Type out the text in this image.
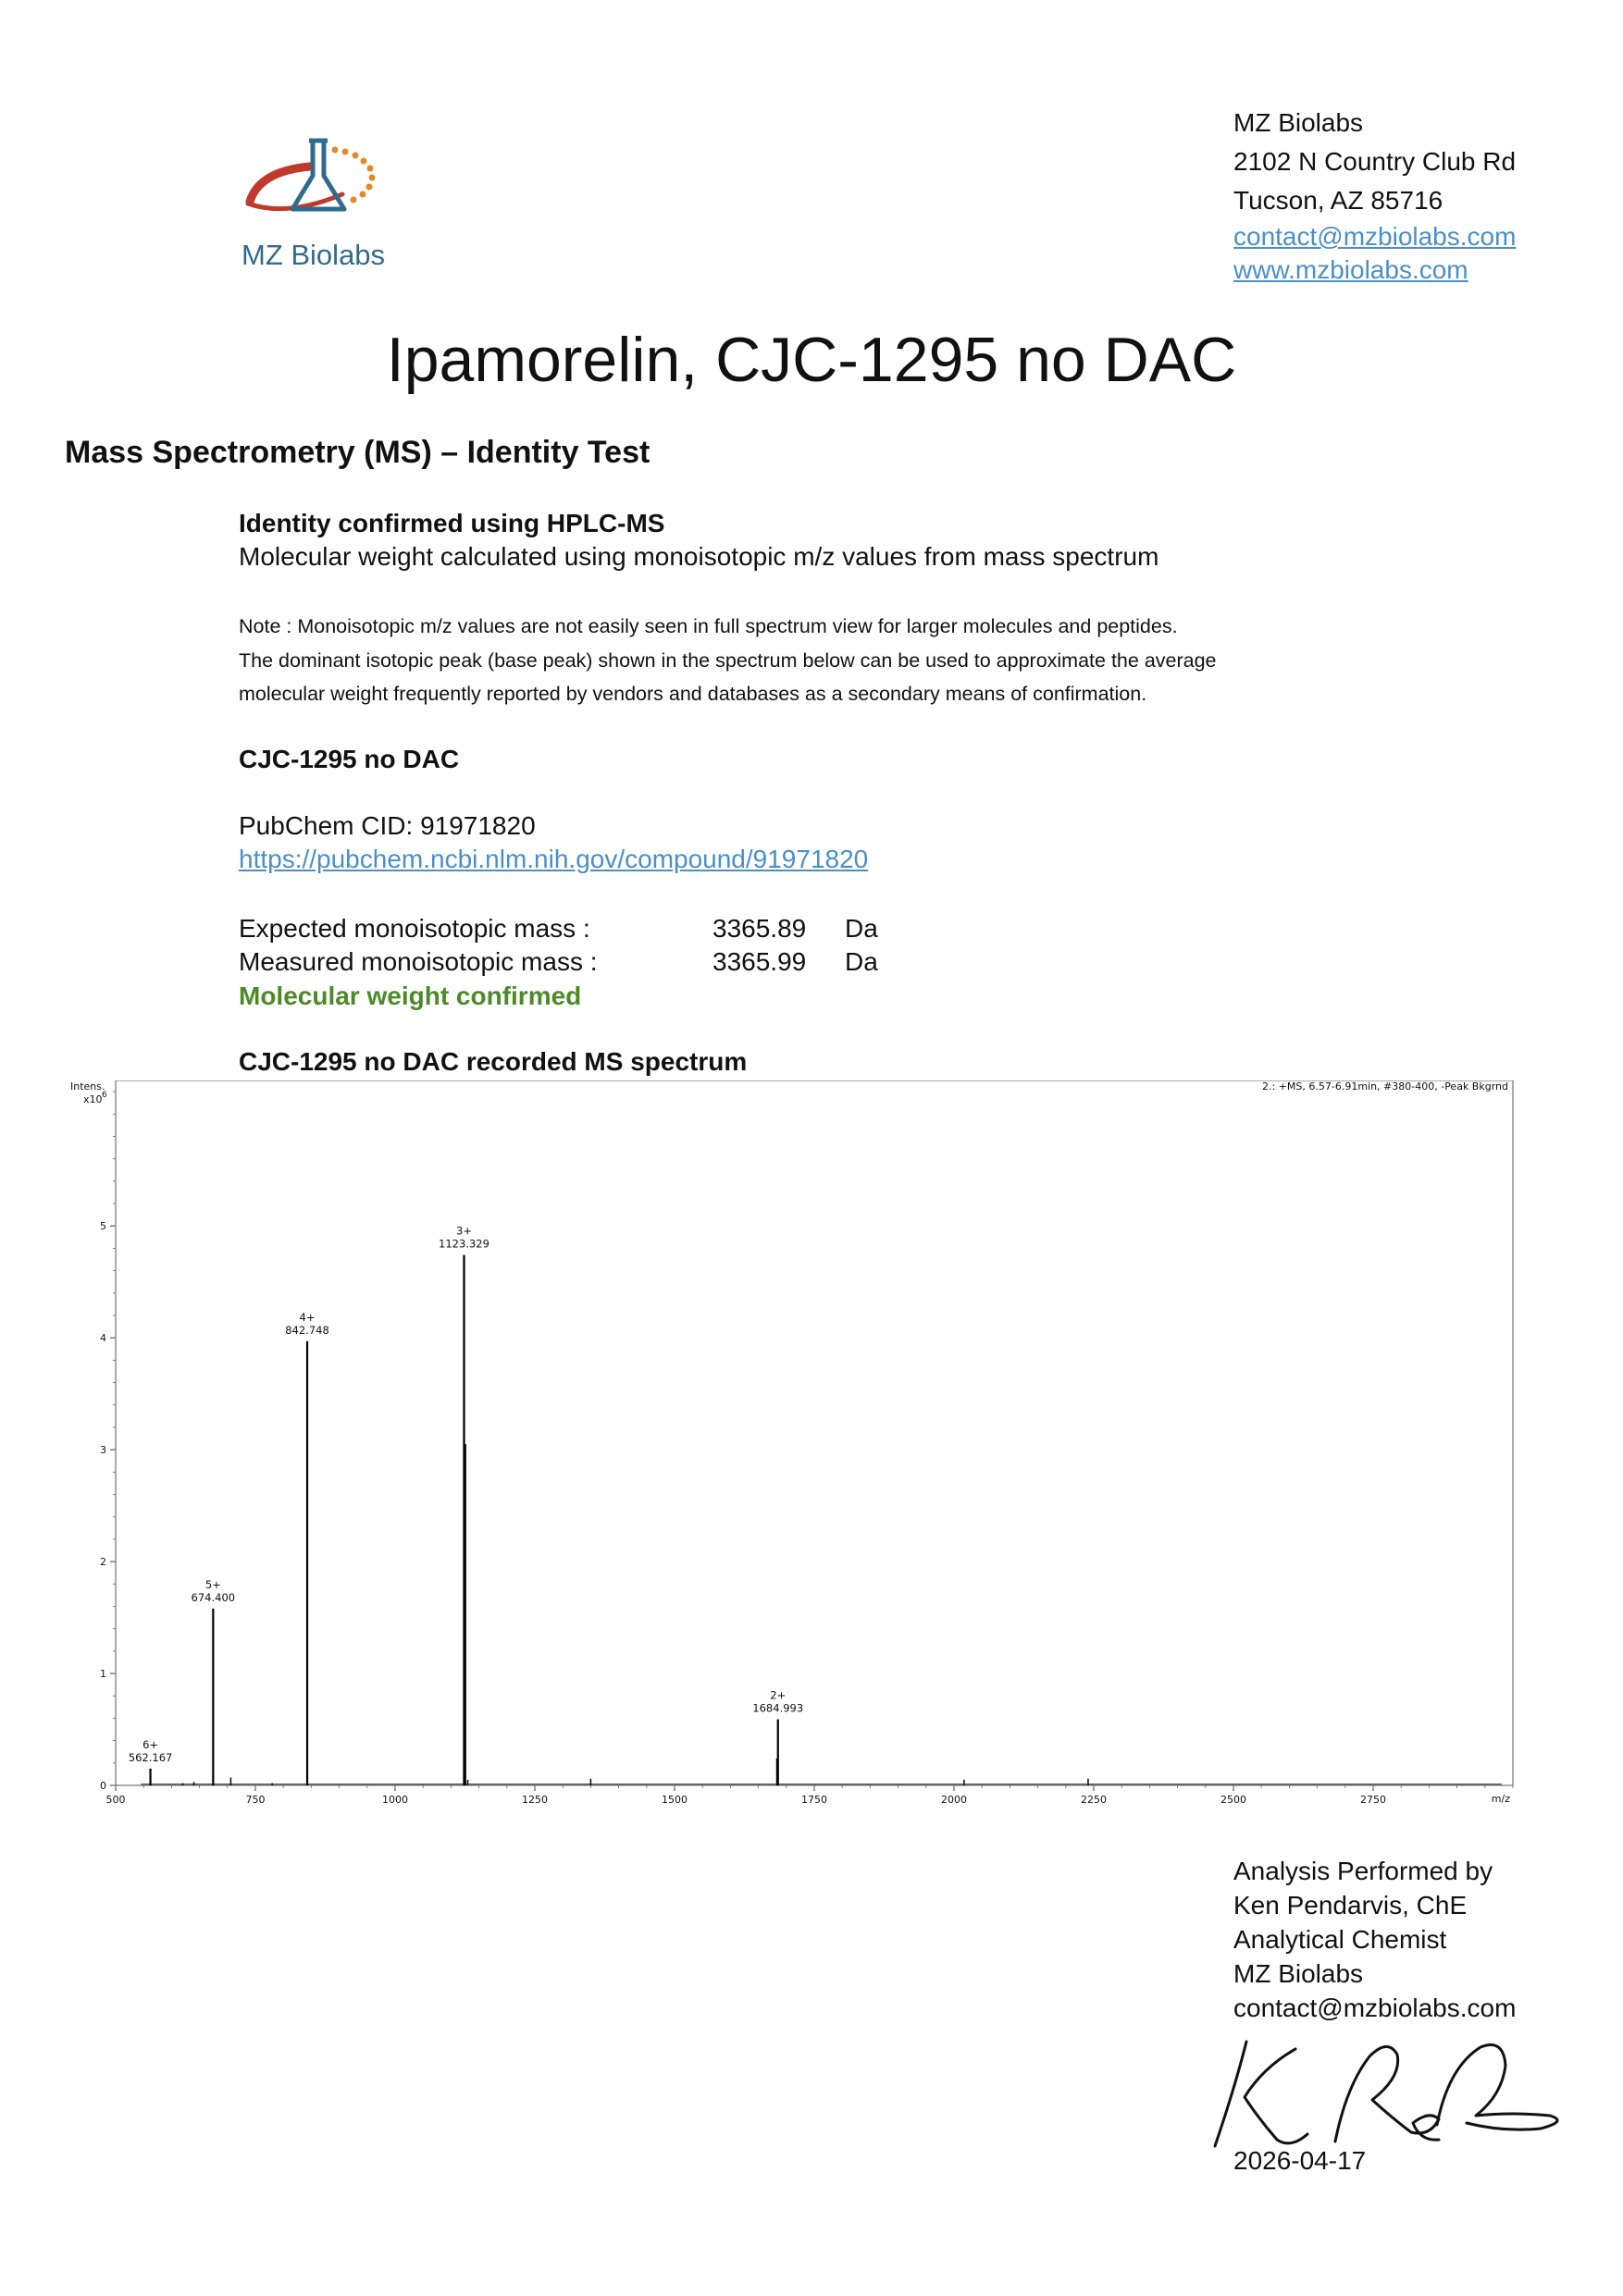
MZ Biolabs
MZ Biolabs
2102 N Country Club Rd
Tucson, AZ 85716
contact@mzbiolabs.com
www.mzbiolabs.com
Ipamorelin, CJC-1295 no DAC
Mass Spectrometry (MS) – Identity Test
Identity confirmed using HPLC-MS
Molecular weight calculated using monoisotopic m/z values from mass spectrum
Note : Monoisotopic m/z values are not easily seen in full spectrum view for larger molecules and peptides.
The dominant isotopic peak (base peak) shown in the spectrum below can be used to approximate the average
molecular weight frequently reported by vendors and databases as a secondary means of confirmation.
CJC-1295 no DAC
PubChem CID: 91971820
https://pubchem.ncbi.nlm.nih.gov/compound/91971820
Expected monoisotopic mass :	3365.89 Da
Measured monoisotopic mass :	3365.99 Da
Molecular weight confirmed
CJC-1295 no DAC recorded MS spectrum
Intens.
x10 6
2.: +MS, 6.57-6.91min, #380-400, -Peak Bkgrnd
m/z
500	750	1000	1250	1500	1750	2000	2250	2500	2750
0
1
2
3
4
5
6+
562.167
5+
674.400
4+
842.748
3+
1123.329
2+
1684.993
Analysis Performed by
Ken Pendarvis, ChE
Analytical Chemist
MZ Biolabs
contact@mzbiolabs.com
2026-04-17
